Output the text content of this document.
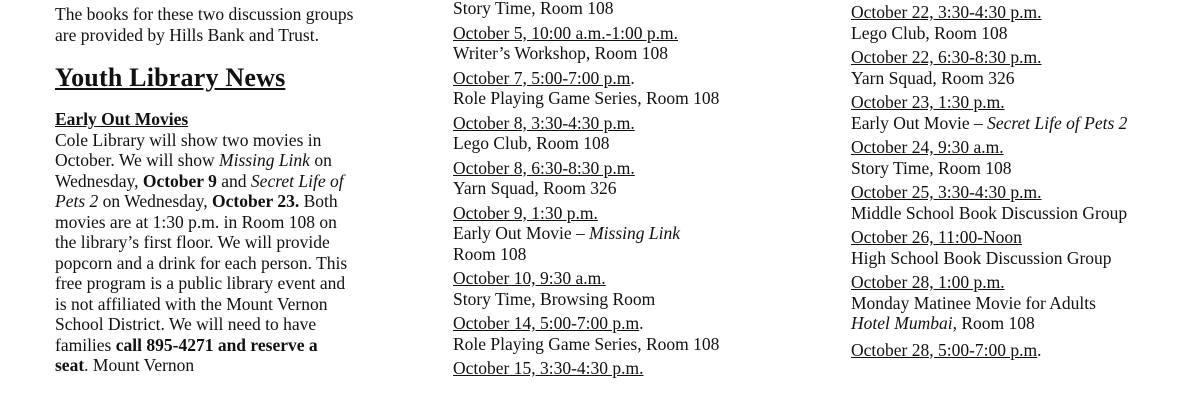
The books for these two discussion groups are provided by Hills Bank and Trust.

Youth Library News
Early Out Movies

Cole Library will show two movies in October. We will show Missing Link on Wednesday, October 9 and Secret Life of Pets 2 on Wednesday, October 23. Both movies are at 1:30 p.m. in Room 108 on the library’s first floor. We will provide popcorn and a drink for each person. This free program is a public library event and is not affiliated with the Mount Vernon School District. We will need to have families call 895-4271 and reserve a seat. Mount Vernon

Story Time, Room 108
October 5, 10:00 a.m.-1:00 p.m.
Writer’s Workshop, Room 108
October 7, 5:00-7:00 p.m.
Role Playing Game Series, Room 108
October 8, 3:30-4:30 p.m.
Lego Club, Room 108
October 8, 6:30-8:30 p.m.
Yarn Squad, Room 326
October 9, 1:30 p.m.
Early Out Movie – Missing Link
Room 108
October 10, 9:30 a.m.
Story Time, Browsing Room
October 14, 5:00-7:00 p.m.
Role Playing Game Series, Room 108
October 15, 3:30-4:30 p.m.
October 22, 3:30-4:30 p.m.
Lego Club, Room 108
October 22, 6:30-8:30 p.m.
Yarn Squad, Room 326
October 23, 1:30 p.m.
Early Out Movie – Secret Life of Pets 2
October 24, 9:30 a.m.
Story Time, Room 108
October 25, 3:30-4:30 p.m.
Middle School Book Discussion Group
October 26, 11:00-Noon
High School Book Discussion Group
October 28, 1:00 p.m.
Monday Matinee Movie for Adults
Hotel Mumbai, Room 108
October 28, 5:00-7:00 p.m.
